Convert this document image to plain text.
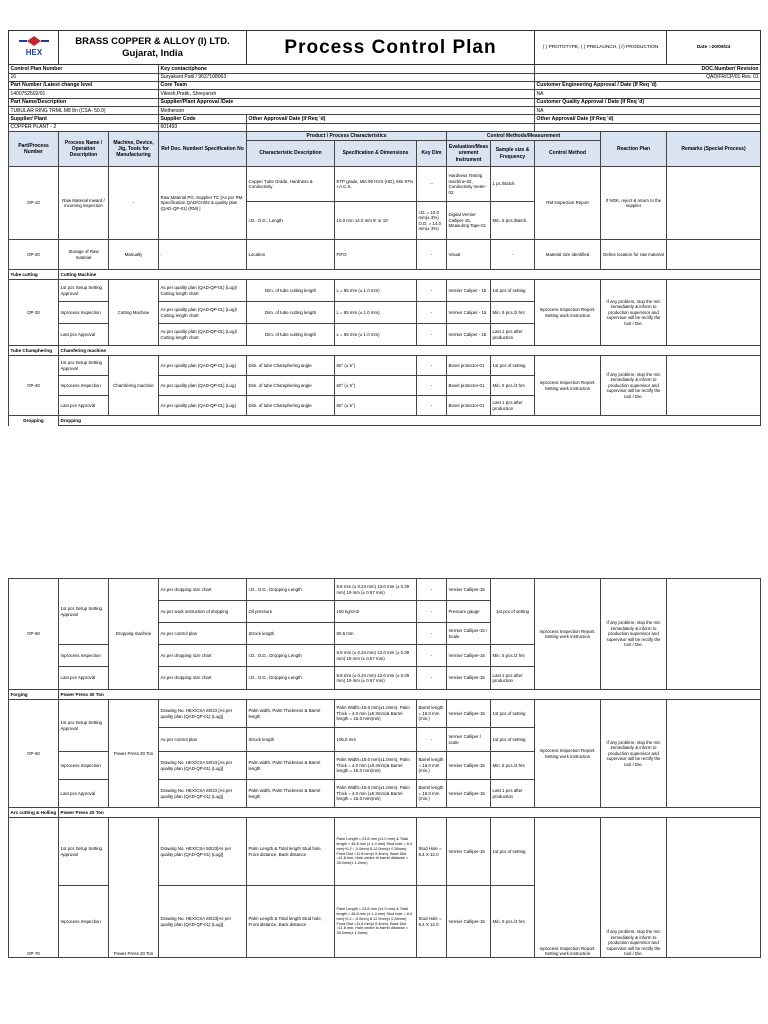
HEX	BRASS COPPER & ALLOY (I) LTD. Gujarat, India			Process Control Plan					( ) PROTOTYPE, ( ) PRELAUNCH, (√) PRODUCTION		Date :-20/09/24
Control Plan Number			Key contact/phone						DOC.Number/ Revision		
16			Suryakant Patil / 9637108063						QAD/FR/CP/01 Rev. 01		
Part Number /Latest change level			Core Team						Customer Engineering Approval / Date (If Req 'd)		
1400752502/01			Vikesh,Pratik, Shreyansh						NA		
Part Name/Description			Supplier/Plant Approval /Date						Customer Quality Approval / Date (If Req 'd)		
TUBULAR RING TRML M8 8n (CSA- 50.0)			Motherson						NA		
Supplier/ Plant			Supplier Code	Other Approval/ Date (If Req 'd)					Other Approval/ Date (If Req 'd)		
COPPER PLANT - 2			601493								
Part/Process Number	Process Name / Operation Description	Machine, Device, Jig, Tools for Manufacturing	Ref Doc. Number/ Specification No	Product / Process Characteristics			Control Methods/Measurement			Reaction Plan	Remarks (Special Process)
				Characteristic Description	Specification & Dimensions	Key Dim	Evaluation/Measurement Instrument	Sample size & Frequency	Control Method		
OP-10	Raw Material Inward / incoming inspection	-	Raw Material PO, Supplier TC [As per RM Specification QAD/CH/02 & quality plan (QAD-QP-01) (RM) ]	Copper Tube Grade, Hardness & Conductivity	ETP grade, Min 90 HVS (HD), Min 97% I.A.C.S.	--	Hardness Testing machine-02, Conductivity meter-02	1 pc./Batch.	RM Inspection Report	If NOK, reject & return to the supplier	
				I.D., O.D., Length	10.0 mm 14.0 mm 8' or 10'	I.D. = 10.0 mm(± 3%) O.D. = 14.0 mm(± 3%)	Digital Vernier Calliper-15, Measuring Tape-01	Min. 5 pcs./Batch.			
OP-20	Storage of Raw material	Manually	-	Location	FIFO	-	Visual	-	Material size identified	Define location for raw material	
Tube cutting	Cutting Machine										
OP-30	1st pcs Setup Setting Approval	Cutting Machine	As per quality plan (QAD-QP-01) (Lug)/ Cutting length chart	Dim. of tube cutting length	L = 55 mm (± 1.0 mm)	-	Vernier Caliper - 15	1st pcs of setting	Inprocess Inspection Report. Setting work instruction	If any problem, stop the m/c immediately & inform to production supervisor and supervisor will be rectify the tool / Die.	
	Inprocess Inspection		As per quality plan (QAD-QP-01) (Lug)/ Cutting length chart	Dim. of tube cutting length	L = 55 mm (± 1.0 mm)	-	Vernier Caliper - 15	Min. 5 pcs./2 hrs			
	Last pcs Approval		As per quality plan (QAD-QP-01) (Lug)/ Cutting length chart	Dim. of tube cutting length	L = 55 mm (± 1.0 mm)	-	Vernier Caliper - 15	Last 1 pcs after production			
Tube Champhering	Chamfering machine										
OP-40	1st pcs Setup Setting Approval	Chamfering machine	As per quality plan (QAD-QP-01) (Lug)	Dim. of tube Champhering angle	60° (± 5°)	-	Bevel protector-01	1st pcs of setting	Inprocess Inspection Report. Setting work instruction	If any problem, stop the m/c immediately & inform to production supervisor and supervisor will be rectify the tool / Die.	
	Inprocess Inspection		As per quality plan (QAD-QP-01) (Lug)	Dim. of tube Champhering angle	60° (± 5°)	-	Bevel protector-01	Min. 5 pcs./2 hrs			
	Last pcs Approval		As per quality plan (QAD-QP-01) (Lug)	Dim. of tube Champhering angle	60° (± 5°)	-	Bevel protector-01	Last 1 pcs after production			
Dropping	Dropping										
OP-50	1st pcs Setup Setting Approval	Dropping machine	As per dropping size chart	I.D., O.D., Dropping Length	8.8 mm (± 0.24 mm) 13.0 mm (± 0.39 mm) 19 mm (± 0.57 mm)	-	Vernier Calliper-15	1st pcs of setting	Inprocess Inspection Report. Setting work instruction	If any problem, stop the m/c immediately & inform to production supervisor and supervisor will be rectify the tool / Die.	
			As per work instruction of dropping	Oil pressure	150 kg/cm2	-	Pressure gauge				
			As per control plan	Strock length	90.5 mm	-	Vernier Calliper-15 / Scale				
	Inprocess Inspection		As per dropping size chart	I.D., O.D., Dropping Length	8.8 mm (± 0.24 mm) 13.0 mm (± 0.39 mm) 19 mm (± 0.57 mm)	-	Vernier Calliper-15	Min. 5 pcs./2 hrs			
	Last pcs Approval		As per dropping size chart	I.D., O.D., Dropping Length	8.8 mm (± 0.24 mm) 13.0 mm (± 0.39 mm) 19 mm (± 0.57 mm)	-	Vernier Calliper-15	Last 1 pcs after production			

Forging	Power Press 30 Ton										
OP-60	1st pcs Setup Setting Approval	Power Press 30 Ton	Drawing No. HEX/CSA 50/23 [As per quality plan (QAD-QP-01) (Lug)]	Palm width, Palm Thickness & Barrel length	Palm Width=18.0 mm(±1.0mm), Palm Thick = 4.0 mm (±0.3mm)& Barrel length = 16.0 mm(min)	Barrel length = 16.0 mm (min.)	Vernier Calliper-15	1st pcs of setting	Inprocess Inspection Report. Setting work instruction	If any problem, stop the m/c immediately & inform to production supervisor and supervisor will be rectify the tool / Die.	
			As per control plan	Strock length	105.0 mm	-	Vernier Calliper / scale	1st pcs of setting			
	Inprocess Inspection		Drawing No. HEX/CSA 50/23 [As per quality plan (QAD-QP-01) (Lug)]	Palm width, Palm Thickness & Barrel length	Palm Width=18.0 mm(±1.0mm), Palm Thick = 4.0 mm (±0.3mm)& Barrel length = 16.0 mm(min)	Barrel length = 16.0 mm (min.)	Vernier Calliper-15	Min. 5 pcs./2 hrs			
	Last pcs Approval		Drawing No. HEX/CSA 50/23 [As per quality plan (QAD-QP-01) (Lug)]	Palm width, Palm Thickness & Barrel length	Palm Width=18.0 mm(±1.0mm), Palm Thick = 4.0 mm (±0.3mm)& Barrel length = 16.0 mm(min)	Barrel length = 16.0 mm (min.)	Vernier Calliper-15	Last 1 pcs after production			
Arc cutting & Holling	Power Press 20 Ton										
OP-70	1st pcs Setup Setting Approval	Power Press 20 Ton	Drawing No. HEX/CSA 50/23[As per quality plan (QAD-QP-01) (Lug)]	Palm Length & Total length Stud hole, Front distance, Back distance	Palm Length = 23.6 mm (±1.0 mm) & Total length = 46.8 mm (± 1.4 mm) Stud hole = 8.4 mm(+0.2 / -0.0mm) 8.12.0mm(± 0.36mm) Front Dist =11.8 mm(± 0.4mm), Back Dist =11.8 mm, Hole centre to barrel distance = 35.0mm(± 1.0mm)	Stud Hole = 8.4 X 12.0	Vernier Calliper-15	1st pcs of setting	Inprocess Inspection Report. Setting work instruction	If any problem, stop the m/c immediately & inform to production supervisor and supervisor will be rectify the tool / Die.	
	Inprocess Inspection		Drawing No. HEX/CSA 50/23[As per quality plan (QAD-QP-01) (Lug)]	Palm Length & Total length Stud hole, Front distance, Back distance	Palm Length = 23.6 mm (±1.0 mm) & Total length = 46.8 mm (± 1.4 mm) Stud hole = 8.4 mm(+0.2 / -0.0mm) 8.12.0mm(± 0.36mm) Front Dist =11.8 mm(± 0.4mm), Back Dist =11.8 mm, Hole centre to barrel distance = 35.0mm(± 1.0mm)	Stud Hole = 8.4 X 12.0	Vernier Calliper-15	Min. 5 pcs./2 hrs			
